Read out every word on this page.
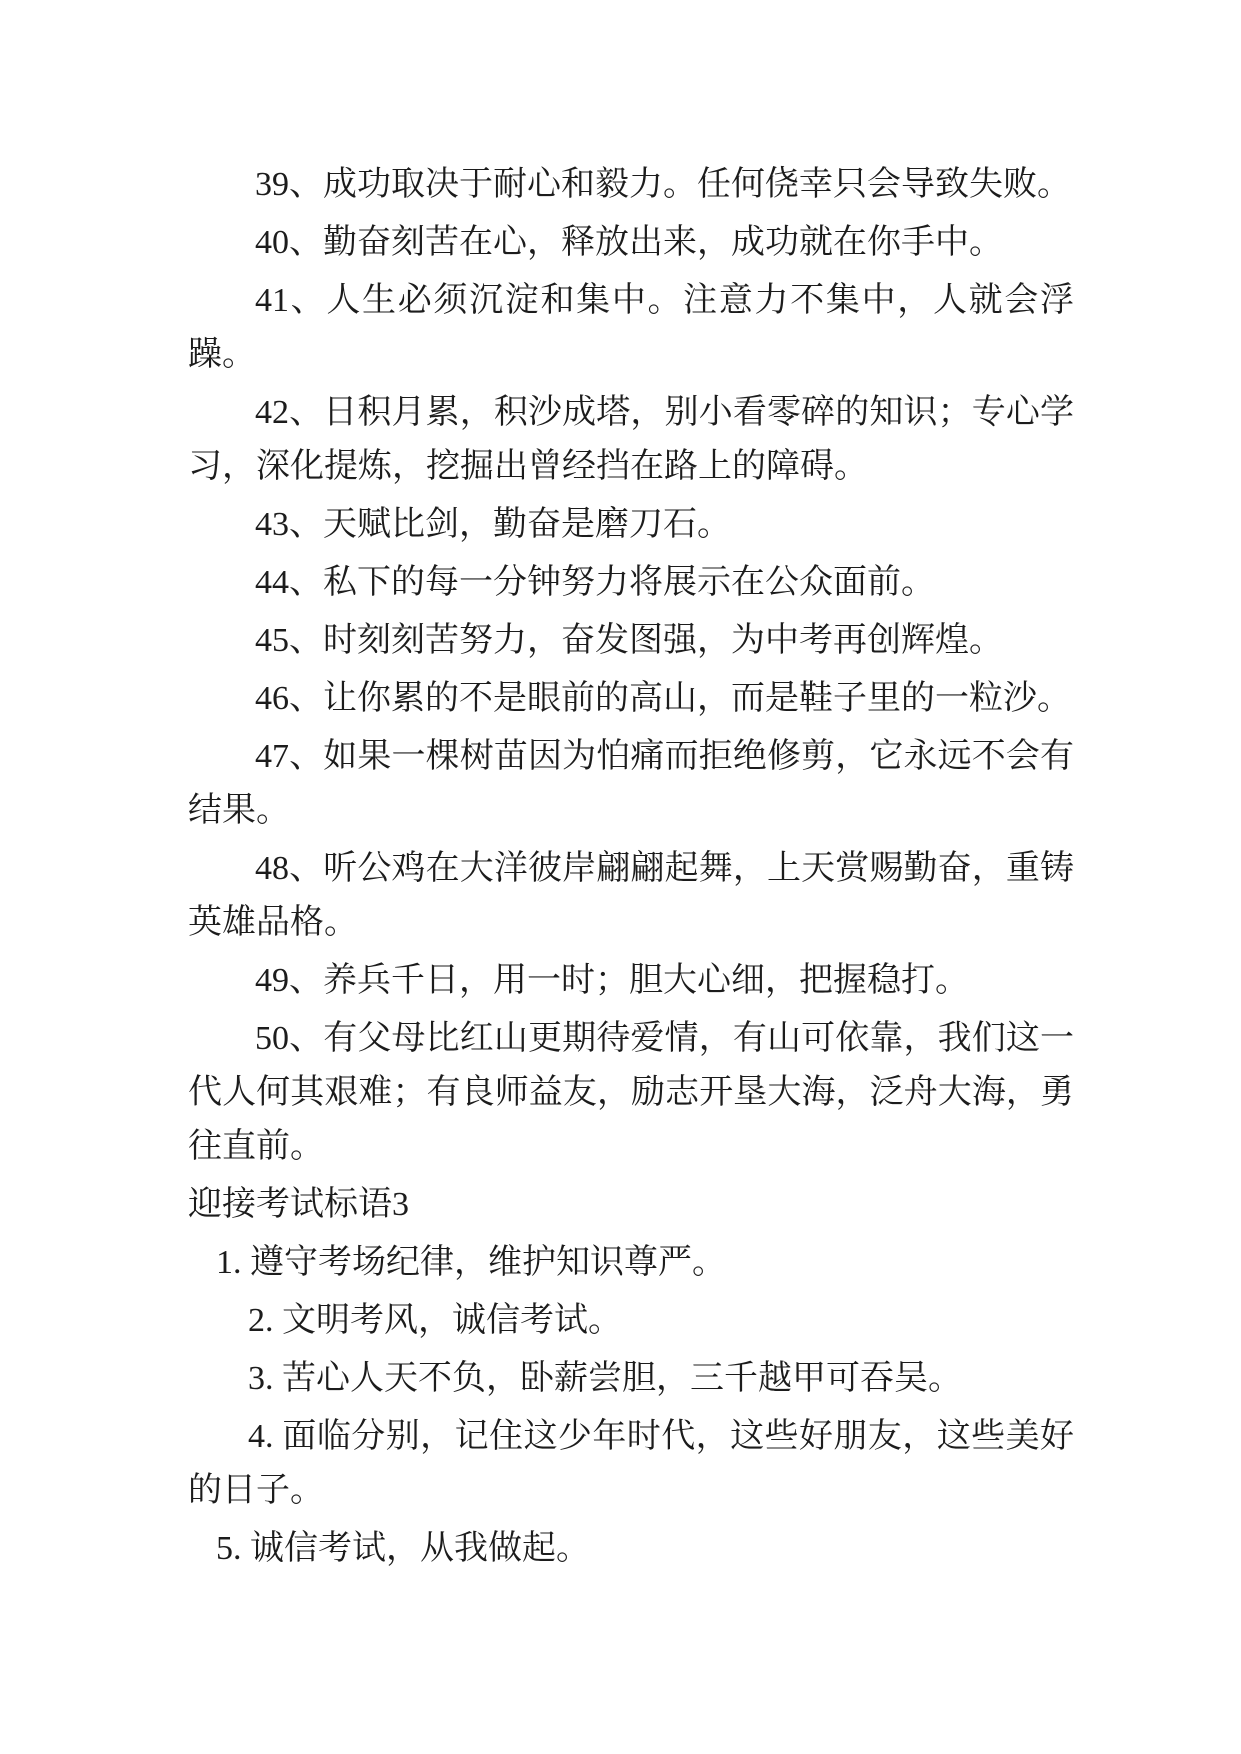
39、成功取决于耐心和毅力。任何侥幸只会导致失败。

40、勤奋刻苦在心，释放出来，成功就在你手中。

41、人生必须沉淀和集中。注意力不集中，人就会浮躁。

42、日积月累，积沙成塔，别小看零碎的知识；专心学习，深化提炼，挖掘出曾经挡在路上的障碍。

43、天赋比剑，勤奋是磨刀石。

44、私下的每一分钟努力将展示在公众面前。

45、时刻刻苦努力，奋发图强，为中考再创辉煌。

46、让你累的不是眼前的高山，而是鞋子里的一粒沙。

47、如果一棵树苗因为怕痛而拒绝修剪，它永远不会有结果。

48、听公鸡在大洋彼岸翩翩起舞，上天赏赐勤奋，重铸英雄品格。

49、养兵千日，用一时；胆大心细，把握稳打。

50、有父母比红山更期待爱情，有山可依靠，我们这一代人何其艰难；有良师益友，励志开垦大海，泛舟大海，勇往直前。

迎接考试标语3

1. 遵守考场纪律，维护知识尊严。

2. 文明考风，诚信考试。

3. 苦心人天不负，卧薪尝胆，三千越甲可吞吴。

4. 面临分别，记住这少年时代，这些好朋友，这些美好的日子。

5. 诚信考试，从我做起。
